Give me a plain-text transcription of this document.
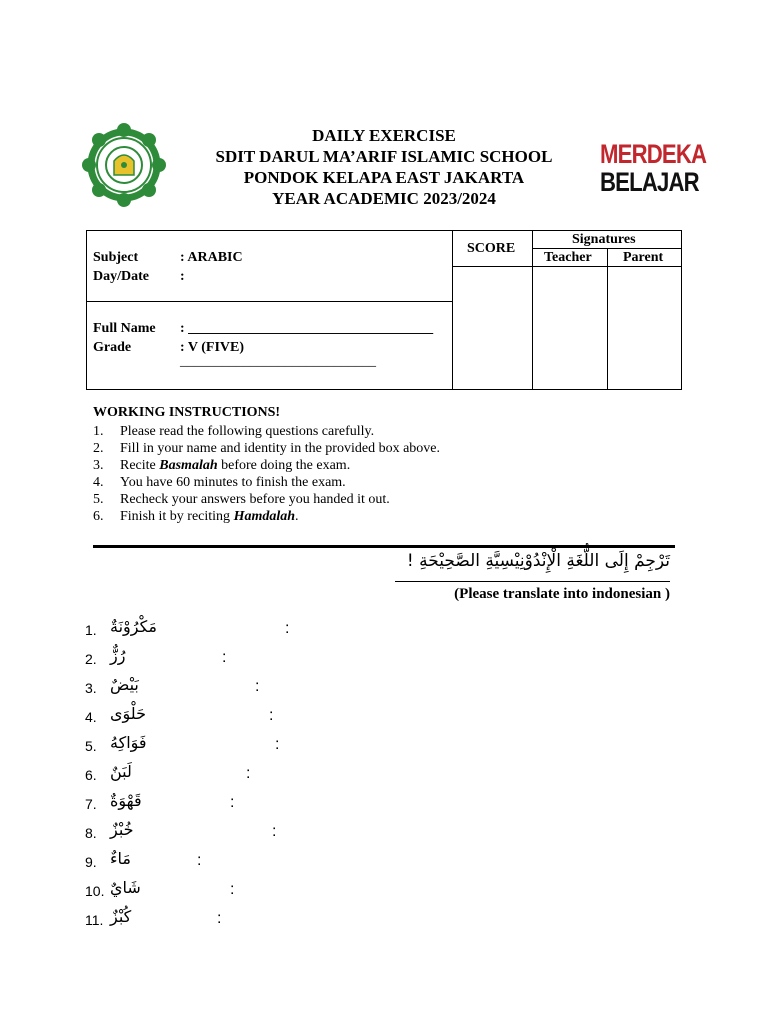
DAILY EXERCISE
SDIT DARUL MA’ARIF ISLAMIC SCHOOL
PONDOK KELAPA EAST JAKARTA
YEAR ACADEMIC 2023/2024
MERDEKA
BELAJAR
Subject	: ARABIC
Day/Date :
Full Name : ___________________________________
Grade	: V (FIVE)
____________________________
SCORE
Signatures
Teacher Parent
WORKING INSTRUCTIONS!
1.	Please read the following questions carefully.
2.	Fill in your name and identity in the provided box above.
3.	Recite Basmalah before doing the exam.
4.	You have 60 minutes to finish the exam.
5.	Recheck your answers before you handed it out.
6.	Finish it by reciting Hamdalah.
تَرْجِمْ إِلَى اللُّغَةِ الْإِنْدُوْنِيْسِيَّةِ الصَّحِيْحَةِ !
(Please translate into indonesian )
1. مَكْرُوْنَةٌ	:
2. رُزٌّ	:
3. بَيْضٌ	:
4. حَلْوَى	:
5. فَوَاكِهُ	:
6. لَبَنٌ	:
7. قَهْوَةٌ	:
8. خُبْزٌ	:
9. مَاءٌ	:
10. شَايٌ	:
11. كُبْزٌ	:
